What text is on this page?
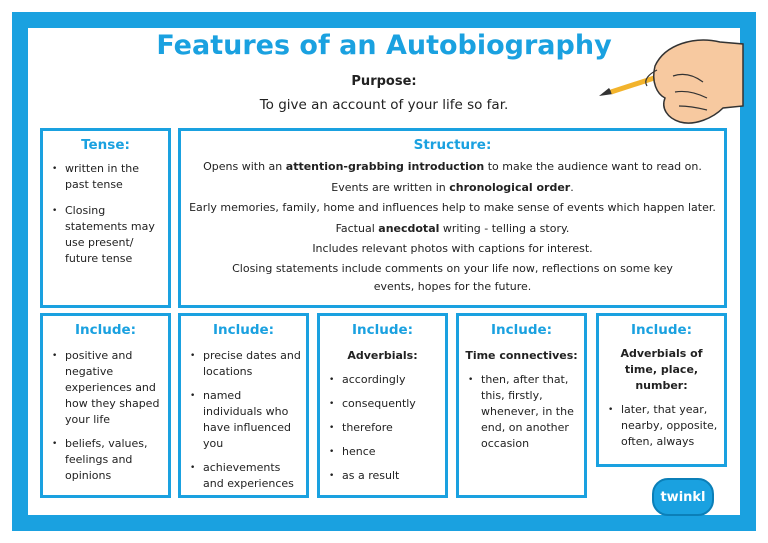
Features of an Autobiography
Purpose:
To give an account of your life so far.
Tense:
• written in the past tense
• Closing statements may use present/ future tense
Structure:
Opens with an attention-grabbing introduction to make the audience want to read on.
Events are written in chronological order.
Early memories, family, home and influences help to make sense of events which happen later.
Factual anecdotal writing - telling a story.
Includes relevant photos with captions for interest.
Closing statements include comments on your life now, reflections on some key
events, hopes for the future.
Include:
• positive and negative experiences and how they shaped your life
• beliefs, values, feelings and opinions
Include:
• precise dates and locations
• named individuals who have influenced you
• achievements and experiences
Include:
Adverbials:
• accordingly
• consequently
• therefore
• hence
• as a result
Include:
Time connectives:
• then, after that, this, firstly, whenever, in the end, on another occasion
Include:
Adverbials of time, place, number:
• later, that year, nearby, opposite, often, always
twinkl
